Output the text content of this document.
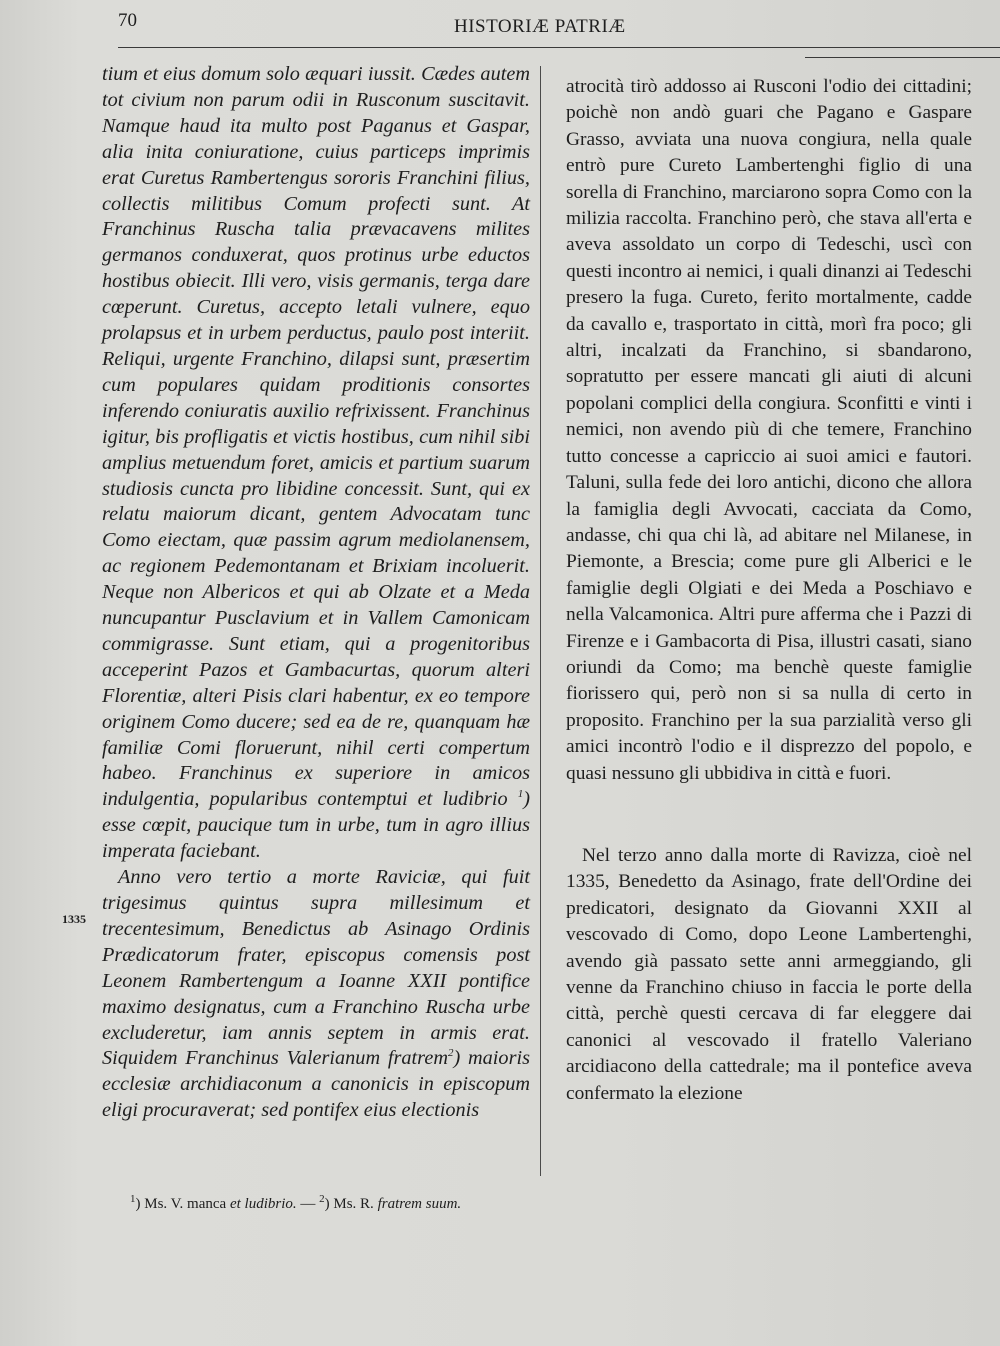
70	HISTORIÆ PATRIÆ
1335

tium et eius domum solo æquari iussit. Cædes autem tot civium non parum odii in Rusconum suscitavit. Namque haud ita multo post Paganus et Gaspar, alia inita coniuratione, cuius particeps imprimis erat Curetus Rambertengus sororis Franchini filius, collectis militibus Comum profecti sunt. At Franchinus Ruscha talia prævacavens milites germanos conduxerat, quos protinus urbe eductos hostibus obiecit. Illi vero, visis germanis, terga dare cœperunt. Curetus, accepto letali vulnere, equo prolapsus et in urbem perductus, paulo post interiit. Reliqui, urgente Franchino, dilapsi sunt, præsertim cum populares quidam proditionis consortes inferendo coniuratis auxilio refrixissent. Franchinus igitur, bis profligatis et victis hostibus, cum nihil sibi amplius metuendum foret, amicis et partium suarum studiosis cuncta pro libidine concessit. Sunt, qui ex relatu maiorum dicant, gentem Advocatam tunc Como eiectam, quæ passim agrum mediolanensem, ac regionem Pedemontanam et Brixiam incoluerit. Neque non Albericos et qui ab Olzate et a Meda nuncupantur Pusclavium et in Vallem Camonicam commigrasse. Sunt etiam, qui a progenitoribus acceperint Pazos et Gambacurtas, quorum alteri Florentiæ, alteri Pisis clari habentur, ex eo tempore originem Como ducere; sed ea de re, quanquam hæ familiæ Comi floruerunt, nihil certi compertum habeo. Franchinus ex superiore in amicos indulgentia, popularibus contemptui et ludibrio $^1$) esse cœpit, paucique tum in urbe, tum in agro illius imperata faciebant.

Anno vero tertio a morte Raviciæ, qui fuit trigesimus quintus supra millesimum et trecentesimum, Benedictus ab Asinago Ordinis Prædicatorum frater, episcopus comensis post Leonem Rambertengum a Ioanne XXII pontifice maximo designatus, cum a Franchino Ruscha urbe excluderetur, iam annis septem in armis erat. Siquidem Franchinus Valerianum fratrem$^2$) maioris ecclesiæ archidiaconum a canonicis in episcopum eligi procuraverat; sed pontifex eius electionis

atrocità tirò addosso ai Rusconi l'odio dei cittadini; poichè non andò guari che Pagano e Gaspare Grasso, avviata una nuova congiura, nella quale entrò pure Cureto Lambertenghi figlio di una sorella di Franchino, marciarono sopra Como con la milizia raccolta. Franchino però, che stava all'erta e aveva assoldato un corpo di Tedeschi, uscì con questi incontro ai nemici, i quali dinanzi ai Tedeschi presero la fuga. Cureto, ferito mortalmente, cadde da cavallo e, trasportato in città, morì fra poco; gli altri, incalzati da Franchino, si sbandarono, sopratutto per essere mancati gli aiuti di alcuni popolani complici della congiura. Sconfitti e vinti i nemici, non avendo più di che temere, Franchino tutto concesse a capriccio ai suoi amici e fautori. Taluni, sulla fede dei loro antichi, dicono che allora la famiglia degli Avvocati, cacciata da Como, andasse, chi qua chi là, ad abitare nel Milanese, in Piemonte, a Brescia; come pure gli Alberici e le famiglie degli Olgiati e dei Meda a Poschiavo e nella Valcamonica. Altri pure afferma che i Pazzi di Firenze e i Gambacorta di Pisa, illustri casati, siano oriundi da Como; ma benchè queste famiglie fiorissero qui, però non si sa nulla di certo in proposito. Franchino per la sua parzialità verso gli amici incontrò l'odio e il disprezzo del popolo, e quasi nessuno gli ubbidiva in città e fuori.

Nel terzo anno dalla morte di Ravizza, cioè nel 1335, Benedetto da Asinago, frate dell'Ordine dei predicatori, designato da Giovanni XXII al vescovado di Como, dopo Leone Lambertenghi, avendo già passato sette anni armeggiando, gli venne da Franchino chiuso in faccia le porte della città, perchè questi cercava di far eleggere dai canonici al vescovado il fratello Valeriano arcidiacono della cattedrale; ma il pontefice aveva confermato la elezione

$^1$) Ms. V. manca et ludibrio. — $^2$) Ms. R. fratrem suum.
